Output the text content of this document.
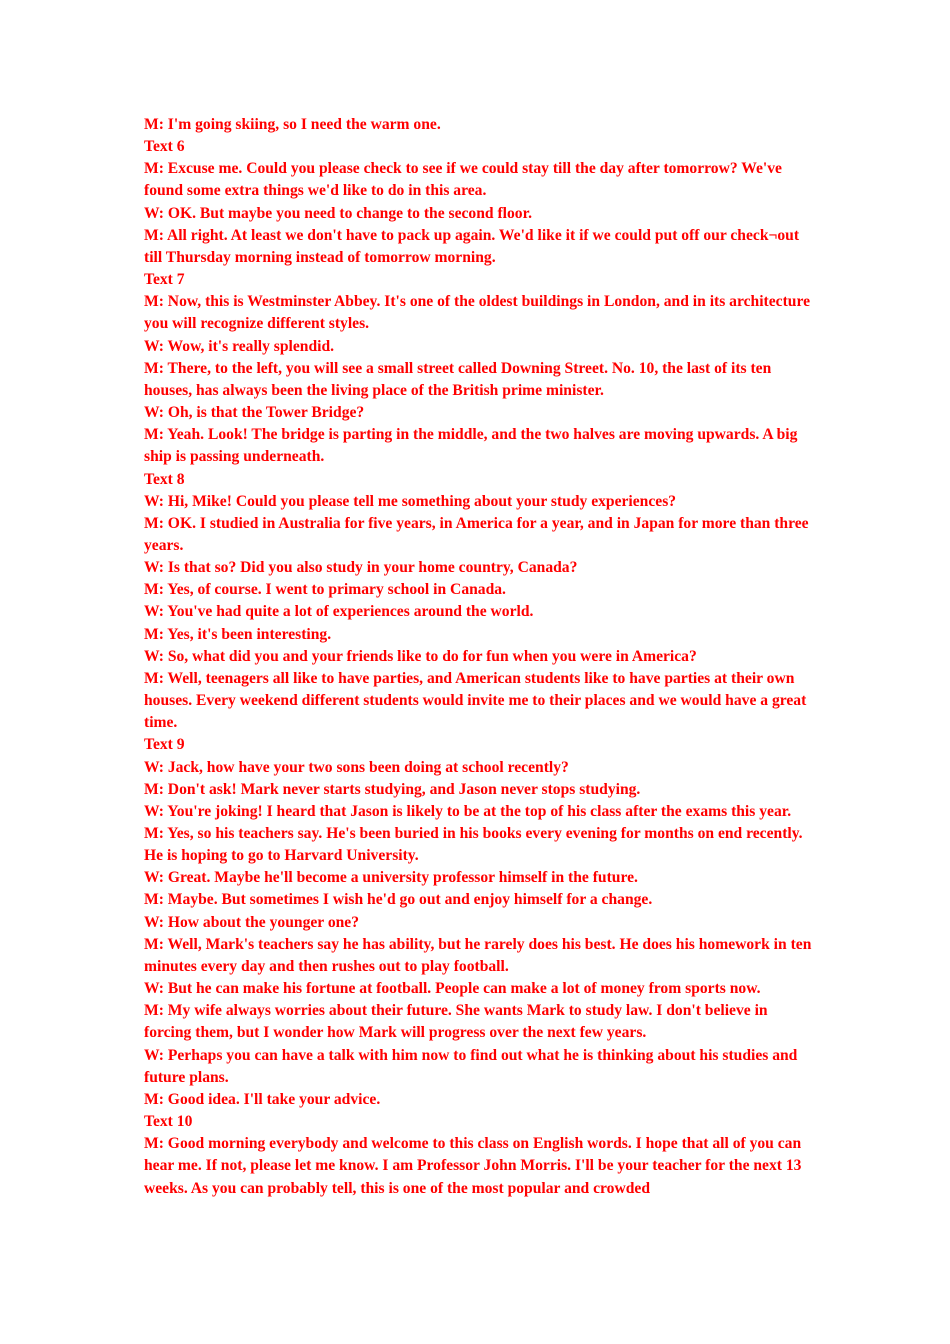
M: I'm going skiing, so I need the warm one.

Text 6

M: Excuse me. Could you please check to see if we could stay till the day after tomorrow? We've found some extra things we'd like to do in this area.

W: OK. But maybe you need to change to the second floor.

M: All right. At least we don't have to pack up again. We'd like it if we could put off our check¬out till Thursday morning instead of tomorrow morning.

Text 7

M: Now, this is Westminster Abbey. It's one of the oldest buildings in London, and in its architecture you will recognize different styles.

W: Wow, it's really splendid.

M: There, to the left, you will see a small street called Downing Street. No. 10, the last of its ten houses, has always been the living place of the British prime minister.

W: Oh, is that the Tower Bridge?

M: Yeah. Look! The bridge is parting in the middle, and the two halves are moving upwards. A big ship is passing underneath.

Text 8

W: Hi, Mike! Could you please tell me something about your study experiences?

M: OK. I studied in Australia for five years, in America for a year, and in Japan for more than three years.

W: Is that so? Did you also study in your home country, Canada?

M: Yes, of course. I went to primary school in Canada.

W: You've had quite a lot of experiences around the world.

M: Yes, it's been interesting.

W: So, what did you and your friends like to do for fun when you were in America?

M: Well, teenagers all like to have parties, and American students like to have parties at their own houses. Every weekend different students would invite me to their places and we would have a great time.

Text 9

W: Jack, how have your two sons been doing at school recently?

M: Don't ask! Mark never starts studying, and Jason never stops studying.

W: You're joking! I heard that Jason is likely to be at the top of his class after the exams this year.

M: Yes, so his teachers say. He's been buried in his books every evening for months on end recently. He is hoping to go to Harvard University.

W: Great. Maybe he'll become a university professor himself in the future.

M: Maybe. But sometimes I wish he'd go out and enjoy himself for a change.

W: How about the younger one?

M: Well, Mark's teachers say he has ability, but he rarely does his best. He does his homework in ten minutes every day and then rushes out to play football.

W: But he can make his fortune at football. People can make a lot of money from sports now.

M: My wife always worries about their future. She wants Mark to study law. I don't believe in forcing them, but I wonder how Mark will progress over the next few years.

W: Perhaps you can have a talk with him now to find out what he is thinking about his studies and future plans.

M: Good idea. I'll take your advice.

Text 10

M: Good morning everybody and welcome to this class on English words. I hope that all of you can hear me. If not, please let me know. I am Professor John Morris. I'll be your teacher for the next 13 weeks. As you can probably tell, this is one of the most popular and crowded
